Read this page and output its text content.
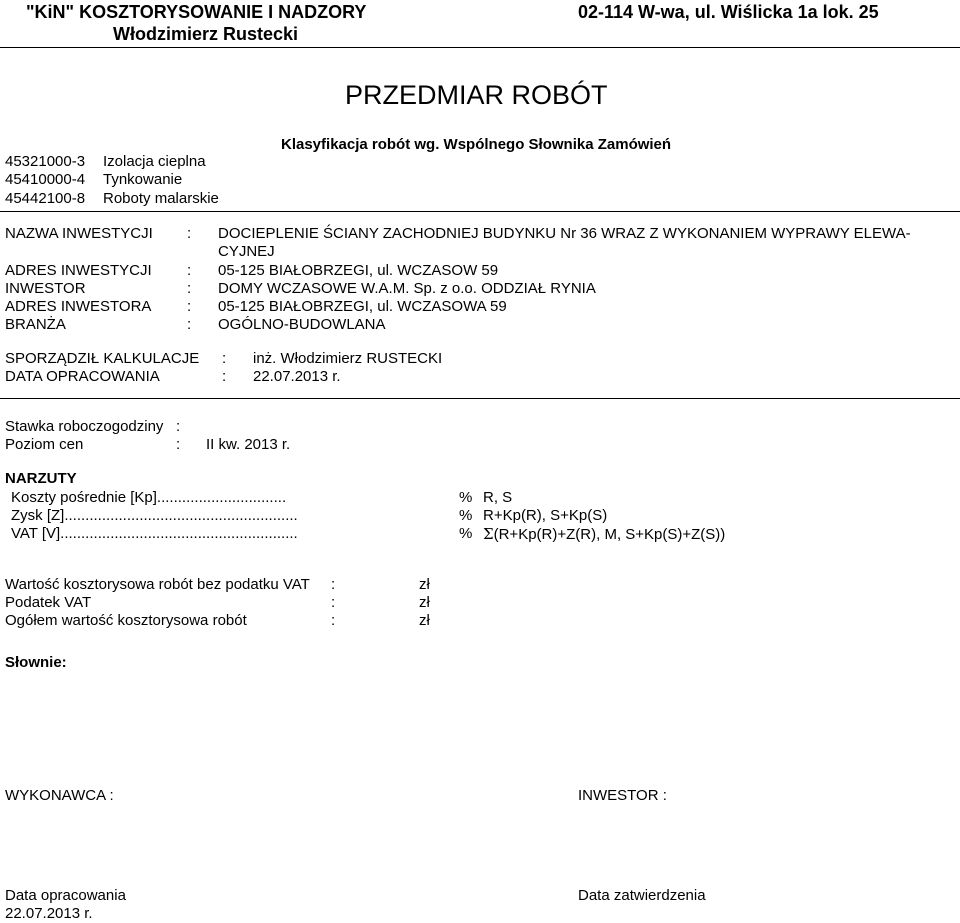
"KiN" KOSZTORYSOWANIE I NADZORY
Włodzimierz Rustecki
02-114 W-wa, ul. Wiślicka 1a lok. 25
PRZEDMIAR ROBÓT
Klasyfikacja robót wg. Wspólnego Słownika Zamówień
45321000-3 Izolacja cieplna
45410000-4 Tynkowanie
45442100-8 Roboty malarskie
NAZWA INWESTYCJI : DOCIEPLENIE ŚCIANY ZACHODNIEJ BUDYNKU Nr 36 WRAZ Z WYKONANIEM WYPRAWY ELEWA-
CYJNEJ
ADRES INWESTYCJI : 05-125 BIAŁOBRZEGI, ul. WCZASOW 59
INWESTOR	: DOMY WCZASOWE W.A.M. Sp. z o.o. ODDZIAŁ RYNIA
ADRES INWESTORA : 05-125 BIAŁOBRZEGI, ul. WCZASOWA 59
BRANŻA	: OGÓLNO-BUDOWLANA
SPORZĄDZIŁ KALKULACJE : inż. Włodzimierz RUSTECKI
DATA OPRACOWANIA	: 22.07.2013 r.
Stawka roboczogodziny :
Poziom cen	: II kw. 2013 r.
NARZUTY
Koszty pośrednie [Kp]...............................	% R, S
Zysk [Z]........................................................	% R+Kp(R), S+Kp(S)
VAT [V].........................................................	% Σ(R+Kp(R)+Z(R), M, S+Kp(S)+Z(S))
Wartość kosztorysowa robót bez podatku VAT :	zł
Podatek VAT	:	zł
Ogółem wartość kosztorysowa robót	:	zł
Słownie:
WYKONAWCA :	INWESTOR :
Data opracowania
22.07.2013 r.
Data zatwierdzenia
